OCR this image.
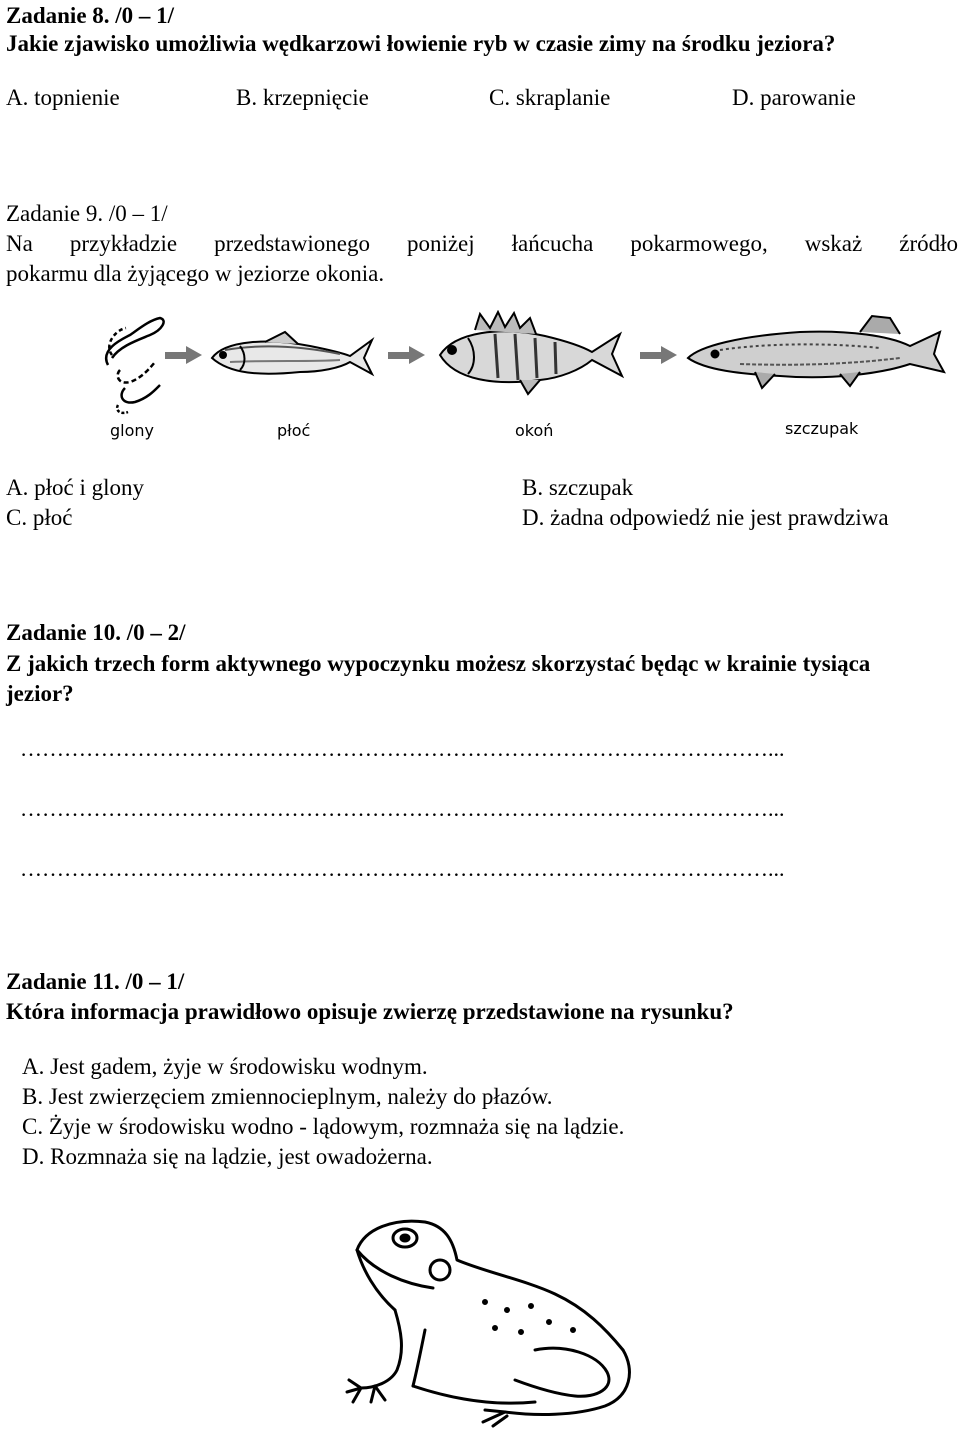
Zadanie 8. /0 – 1/
Jakie zjawisko umożliwia wędkarzowi łowienie ryb w czasie zimy na środku jeziora?
A. topnienie	B. krzepnięcie	C. skraplanie	D. parowanie
Zadanie 9. /0 – 1/
Na przykładzie przedstawionego poniżej łańcucha pokarmowego, wskaż źródło
pokarmu dla żyjącego w jeziorze okonia.
glony	płoć	okoń	szczupak
A. płoć i glony	B. szczupak
C. płoć	D. żadna odpowiedź nie jest prawdziwa
Zadanie 10. /0 – 2/
Z jakich trzech form aktywnego wypoczynku możesz skorzystać będąc w krainie tysiąca
jezior?
…………………………………………………………………………………………...
…………………………………………………………………………………………...
…………………………………………………………………………………………...
Zadanie 11. /0 – 1/
Która informacja prawidłowo opisuje zwierzę przedstawione na rysunku?
A. Jest gadem, żyje w środowisku wodnym.
B. Jest zwierzęciem zmiennocieplnym, należy do płazów.
C. Żyje w środowisku wodno - lądowym, rozmnaża się na lądzie.
D. Rozmnaża się na lądzie, jest owadożerna.
